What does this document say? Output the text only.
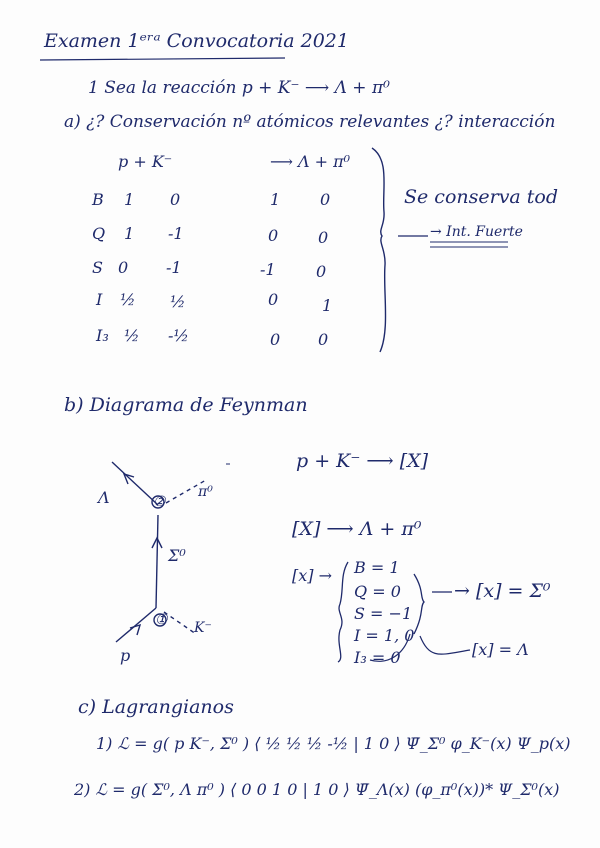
Examen 1ᵉʳᵃ Convocatoria 2021
1 Sea la reacción p + K⁻ ⟶ Λ + π⁰
a) ¿? Conservación nº atómicos relevantes ¿? interacción
p + K⁻	⟶ Λ + π⁰
B 1 0	1 0
Q 1 -1	0 0
S 0 -1	-1	0
I ½ ½	0	1
I₃ ½ -½	0 0
Se conserva tod
→ Int. Fuerte
b) Diagrama de Feynman
Λ	π⁰
Σ⁰
p
K⁻
②
①
p + K⁻ ⟶ [X]
[X] ⟶ Λ + π⁰
[x] → B = 1
Q = 0
S = −1
I = 1, 0
I₃ = 0
→ [x] = Σ⁰
[x] = Λ
c) Lagrangianos
1) ℒ = g( p K⁻, Σ⁰ ) ⟨ ½ ½ ½ -½ | 1 0 ⟩ Ψ̄_Σ⁰ φ_K⁻(x) Ψ_p(x)
2) ℒ = g( Σ⁰, Λ π⁰ ) ⟨ 0 0 1 0 | 1 0 ⟩ Ψ̄_Λ(x) (φ_π⁰(x))* Ψ_Σ⁰(x)
